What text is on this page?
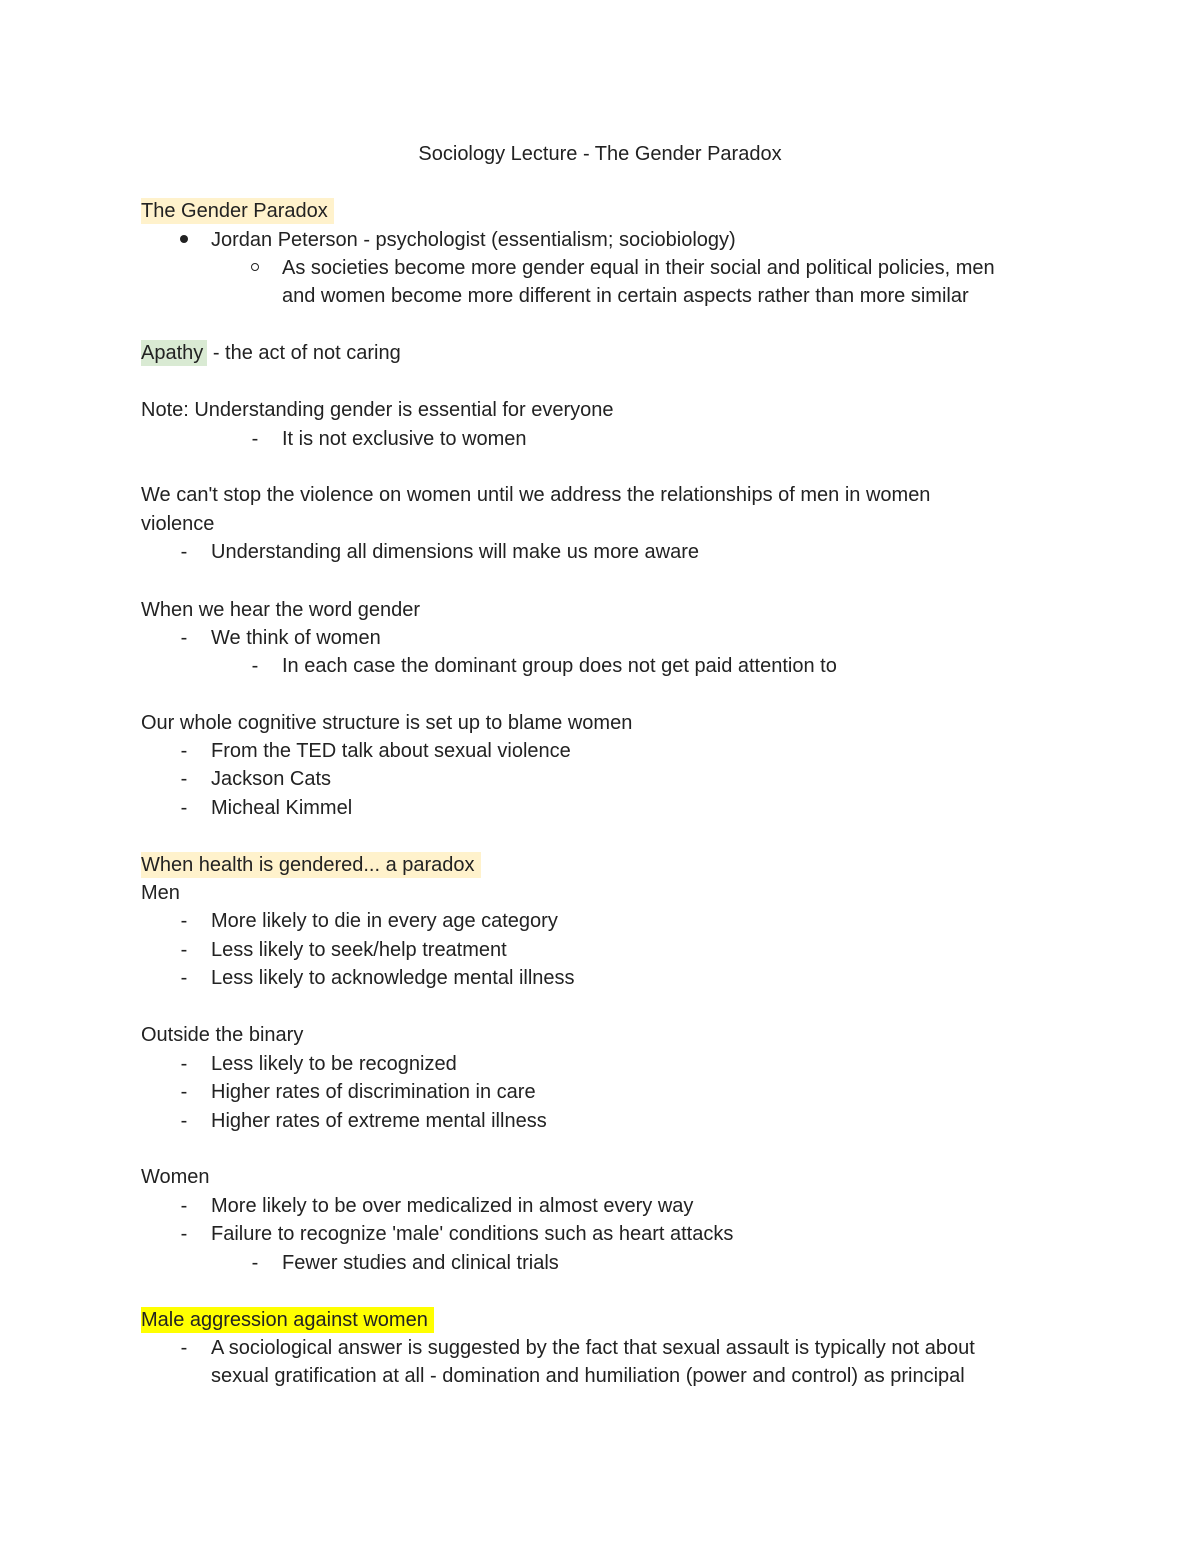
Sociology Lecture - The Gender Paradox
The Gender Paradox
Jordan Peterson - psychologist (essentialism; sociobiology)
As societies become more gender equal in their social and political policies, men
and women become more different in certain aspects rather than more similar
Apathy - the act of not caring
Note: Understanding gender is essential for everyone
-	It is not exclusive to women
We can't stop the violence on women until we address the relationships of men in women
violence
-	Understanding all dimensions will make us more aware
When we hear the word gender
-	We think of women
-	In each case the dominant group does not get paid attention to
Our whole cognitive structure is set up to blame women
-	From the TED talk about sexual violence
-	Jackson Cats
-	Micheal Kimmel
When health is gendered... a paradox
Men
-	More likely to die in every age category
-	Less likely to seek/help treatment
-	Less likely to acknowledge mental illness
Outside the binary
-	Less likely to be recognized
-	Higher rates of discrimination in care
-	Higher rates of extreme mental illness
Women
-	More likely to be over medicalized in almost every way
-	Failure to recognize 'male' conditions such as heart attacks
-	Fewer studies and clinical trials
Male aggression against women
-	A sociological answer is suggested by the fact that sexual assault is typically not about
sexual gratification at all - domination and humiliation (power and control) as principal
